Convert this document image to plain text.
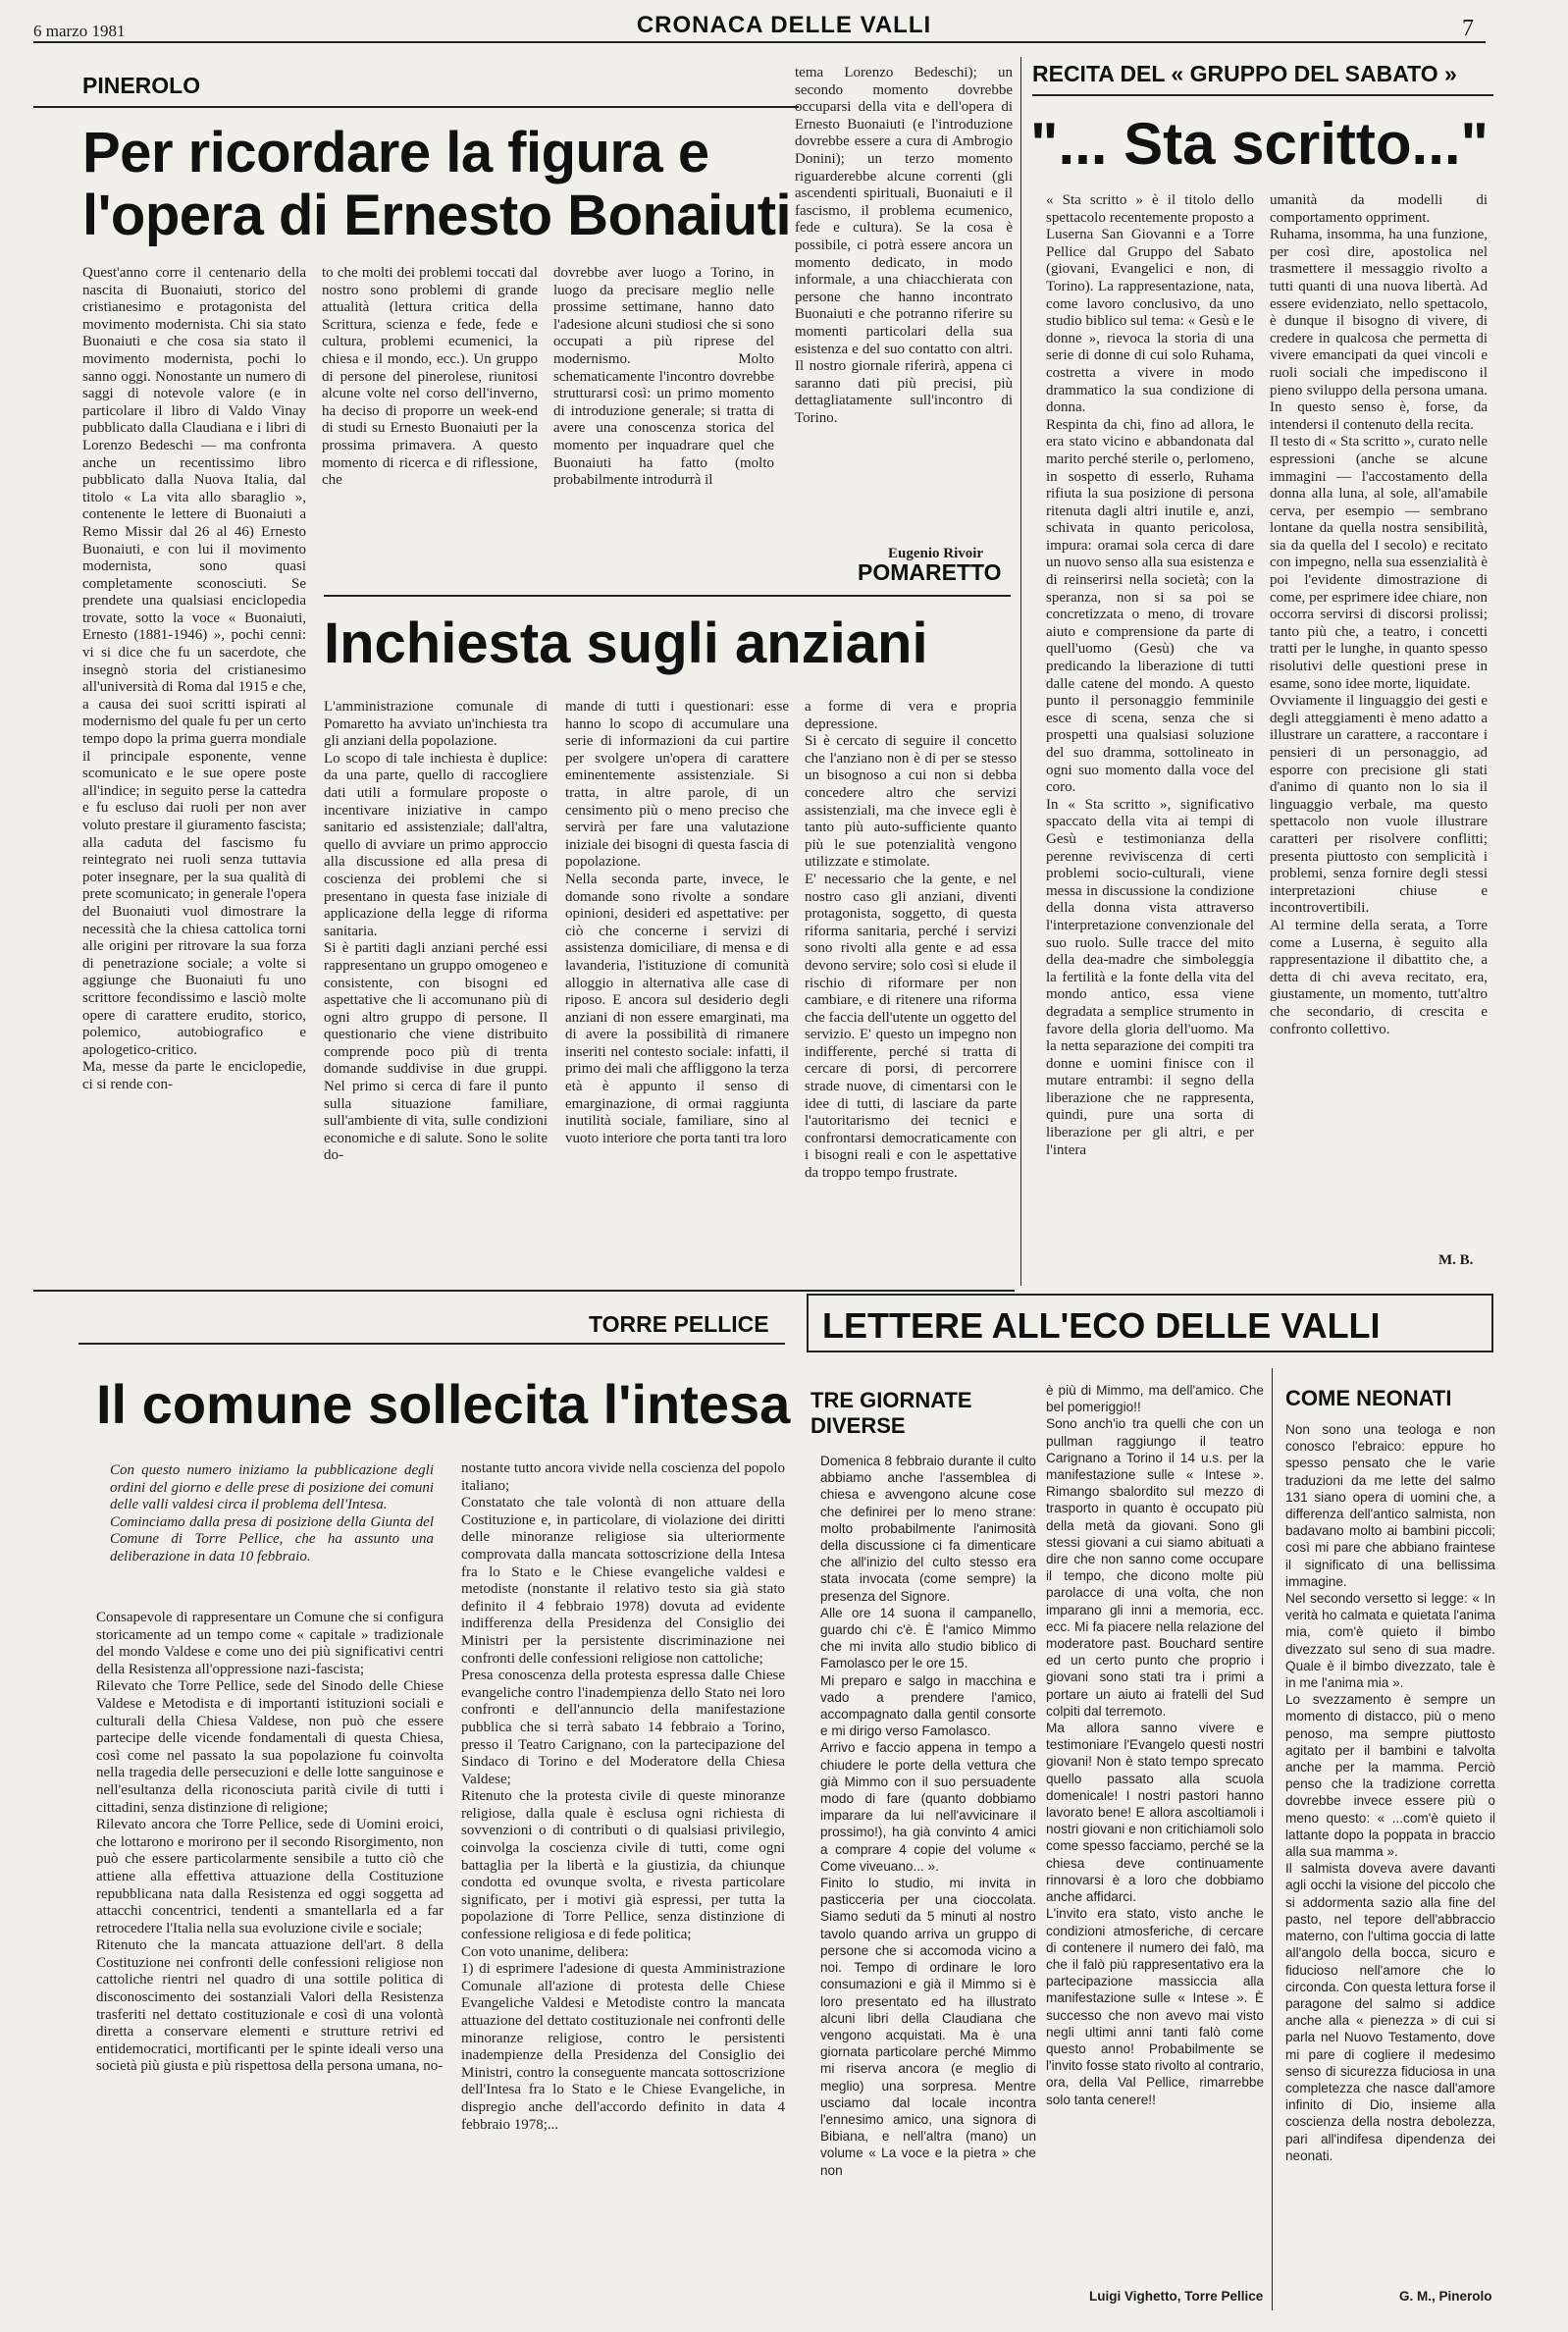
6 marzo 1981	CRONACA DELLE VALLI	7
PINEROLO
Per ricordare la figura e
l'opera di Ernesto Bonaiuti
Quest'anno corre il centenario della nascita di Buonaiuti, storico del cristianesimo e protagonista del movimento modernista. Chi sia stato Buonaiuti e che cosa sia stato il movimento modernista, pochi lo sanno oggi. Nonostante un numero di saggi di notevole valore (e in particolare il libro di Valdo Vinay pubblicato dalla Claudiana e i libri di Lorenzo Bedeschi — ma confronta anche un recentissimo libro pubblicato dalla Nuova Italia, dal titolo « La vita allo sbaraglio », contenente le lettere di Buonaiuti a Remo Missir dal 26 al 46) Ernesto Buonaiuti, e con lui il movimento modernista, sono quasi completamente sconosciuti. Se prendete una qualsiasi enciclopedia trovate, sotto la voce « Buonaiuti, Ernesto (1881-1946) », pochi cenni: vi si dice che fu un sacerdote, che insegnò storia del cristianesimo all'università di Roma dal 1915 e che, a causa dei suoi scritti ispirati al modernismo del quale fu per un certo tempo dopo la prima guerra mondiale il principale esponente, venne scomunicato e le sue opere poste all'indice; in seguito perse la cattedra e fu escluso dai ruoli per non aver voluto prestare il giuramento fascista; alla caduta del fascismo fu reintegrato nei ruoli senza tuttavia poter insegnare, per la sua qualità di prete scomunicato; in generale l'opera del Buonaiuti vuol dimostrare la necessità che la chiesa cattolica torni alle origini per ritrovare la sua forza di penetrazione sociale; a volte si aggiunge che Buonaiuti fu uno scrittore fecondissimo e lasciò molte opere di carattere erudito, storico, polemico, autobiografico e apologetico-critico.
Ma, messe da parte le enciclopedie, ci si rende con-
to che molti dei problemi toccati dal nostro sono problemi di grande attualità (lettura critica della Scrittura, scienza e fede, fede e cultura, problemi ecumenici, la chiesa e il mondo, ecc.). Un gruppo di persone del pinerolese, riunitosi alcune volte nel corso dell'inverno, ha deciso di proporre un week-end di studi su Ernesto Buonaiuti per la prossima primavera. A questo momento di ricerca e di riflessione, che
dovrebbe aver luogo a Torino, in luogo da precisare meglio nelle prossime settimane, hanno dato l'adesione alcuni studiosi che si sono occupati a più riprese del modernismo. Molto schematicamente l'incontro dovrebbe strutturarsi così: un primo momento di introduzione generale; si tratta di avere una conoscenza storica del momento per inquadrare quel che Buonaiuti ha fatto (molto probabilmente introdurrà il
tema Lorenzo Bedeschi); un secondo momento dovrebbe occuparsi della vita e dell'opera di Ernesto Buonaiuti (e l'introduzione dovrebbe essere a cura di Ambrogio Donini); un terzo momento riguarderebbe alcune correnti (gli ascendenti spirituali, Buonaiuti e il fascismo, il problema ecumenico, fede e cultura). Se la cosa è possibile, ci potrà essere ancora un momento dedicato, in modo informale, a una chiacchierata con persone che hanno incontrato Buonaiuti e che potranno riferire su momenti particolari della sua esistenza e del suo contatto con altri. Il nostro giornale riferirà, appena ci saranno dati più precisi, più dettagliatamente sull'incontro di Torino.
Eugenio Rivoir
RECITA DEL « GRUPPO DEL SABATO »
"... Sta scritto..."
« Sta scritto » è il titolo dello spettacolo recentemente proposto a Luserna San Giovanni e a Torre Pellice dal Gruppo del Sabato (giovani, Evangelici e non, di Torino). La rappresentazione, nata, come lavoro conclusivo, da uno studio biblico sul tema: « Gesù e le donne », rievoca la storia di una serie di donne di cui solo Ruhama, costretta a vivere in modo drammatico la sua condizione di donna.
Respinta da chi, fino ad allora, le era stato vicino e abbandonata dal marito perché sterile o, perlomeno, in sospetto di esserlo, Ruhama rifiuta la sua posizione di persona ritenuta dagli altri inutile e, anzi, schivata in quanto pericolosa, impura: oramai sola cerca di dare un nuovo senso alla sua esistenza e di reinserirsi nella società; con la speranza, non si sa poi se concretizzata o meno, di trovare aiuto e comprensione da parte di quell'uomo (Gesù) che va predicando la liberazione di tutti dalle catene del mondo. A questo punto il personaggio femminile esce di scena, senza che si prospetti una qualsiasi soluzione del suo dramma, sottolineato in ogni suo momento dalla voce del coro.
In « Sta scritto », significativo spaccato della vita ai tempi di Gesù e testimonianza della perenne reviviscenza di certi problemi socio-culturali, viene messa in discussione la condizione della donna vista attraverso l'interpretazione convenzionale del suo ruolo. Sulle tracce del mito della dea-madre che simboleggia la fertilità e la fonte della vita del mondo antico, essa viene degradata a semplice strumento in favore della gloria dell'uomo. Ma la netta separazione dei compiti tra donne e uomini finisce con il mutare entrambi: il segno della liberazione che ne rappresenta, quindi, pure una sorta di liberazione per gli altri, e per l'intera
umanità da modelli di comportamento oppriment.
Ruhama, insomma, ha una funzione, per così dire, apostolica nel trasmettere il messaggio rivolto a tutti quanti di una nuova libertà. Ad essere evidenziato, nello spettacolo, è dunque il bisogno di vivere, di credere in qualcosa che permetta di vivere emancipati da quei vincoli e ruoli sociali che impediscono il pieno sviluppo della persona umana. In questo senso è, forse, da intendersi il contenuto della recita.
Il testo di « Sta scritto », curato nelle espressioni (anche se alcune immagini — l'accostamento della donna alla luna, al sole, all'amabile cerva, per esempio — sembrano lontane da quella nostra sensibilità, sia da quella del I secolo) e recitato con impegno, nella sua essenzialità è poi l'evidente dimostrazione di come, per esprimere idee chiare, non occorra servirsi di discorsi prolissi; tanto più che, a teatro, i concetti tratti per le lunghe, in quanto spesso risolutivi delle questioni prese in esame, sono idee morte, liquidate.
Ovviamente il linguaggio dei gesti e degli atteggiamenti è meno adatto a illustrare un carattere, a raccontare i pensieri di un personaggio, ad esporre con precisione gli stati d'animo di quanto non lo sia il linguaggio verbale, ma questo spettacolo non vuole illustrare caratteri per risolvere conflitti; presenta piuttosto con semplicità i problemi, senza fornire degli stessi interpretazioni chiuse e incontrovertibili.
Al termine della serata, a Torre come a Luserna, è seguito alla rappresentazione il dibattito che, a detta di chi aveva recitato, era, giustamente, un momento, tutt'altro che secondario, di crescita e confronto collettivo.
M. B.
POMARETTO
Inchiesta sugli anziani
L'amministrazione comunale di Pomaretto ha avviato un'inchiesta tra gli anziani della popolazione.
Lo scopo di tale inchiesta è duplice: da una parte, quello di raccogliere dati utili a formulare proposte o incentivare iniziative in campo sanitario ed assistenziale; dall'altra, quello di avviare un primo approccio alla discussione ed alla presa di coscienza dei problemi che si presentano in questa fase iniziale di applicazione della legge di riforma sanitaria.
Si è partiti dagli anziani perché essi rappresentano un gruppo omogeneo e consistente, con bisogni ed aspettative che li accomunano più di ogni altro gruppo di persone. Il questionario che viene distribuito comprende poco più di trenta domande suddivise in due gruppi. Nel primo si cerca di fare il punto sulla situazione familiare, sull'ambiente di vita, sulle condizioni economiche e di salute. Sono le solite do-
mande di tutti i questionari: esse hanno lo scopo di accumulare una serie di informazioni da cui partire per svolgere un'opera di carattere eminentemente assistenziale. Si tratta, in altre parole, di un censimento più o meno preciso che servirà per fare una valutazione iniziale dei bisogni di questa fascia di popolazione.
Nella seconda parte, invece, le domande sono rivolte a sondare opinioni, desideri ed aspettative: per ciò che concerne i servizi di assistenza domiciliare, di mensa e di lavanderia, l'istituzione di comunità alloggio in alternativa alle case di riposo. E ancora sul desiderio degli anziani di non essere emarginati, ma di avere la possibilità di rimanere inseriti nel contesto sociale: infatti, il primo dei mali che affliggono la terza età è appunto il senso di emarginazione, di ormai raggiunta inutilità sociale, familiare, sino al vuoto interiore che porta tanti tra loro
a forme di vera e propria depressione.
Si è cercato di seguire il concetto che l'anziano non è di per se stesso un bisognoso a cui non si debba concedere altro che servizi assistenziali, ma che invece egli è tanto più auto-sufficiente quanto più le sue potenzialità vengono utilizzate e stimolate.
E' necessario che la gente, e nel nostro caso gli anziani, diventi protagonista, soggetto, di questa riforma sanitaria, perché i servizi sono rivolti alla gente e ad essa devono servire; solo così si elude il rischio di riformare per non cambiare, e di ritenere una riforma che faccia dell'utente un oggetto del servizio. E' questo un impegno non indifferente, perché si tratta di cercare di porsi, di percorrere strade nuove, di cimentarsi con le idee di tutti, di lasciare da parte l'autoritarismo dei tecnici e confrontarsi democraticamente con i bisogni reali e con le aspettative da troppo tempo frustrate.
TORRE PELLICE
Il comune sollecita l'intesa
Con questo numero iniziamo la pubblicazione degli ordini del giorno e delle prese di posizione dei comuni delle valli valdesi circa il problema dell'Intesa.
Cominciamo dalla presa di posizione della Giunta del Comune di Torre Pellice, che ha assunto una deliberazione in data 10 febbraio.
Consapevole di rappresentare un Comune che si configura storicamente ad un tempo come « capitale » tradizionale del mondo Valdese e come uno dei più significativi centri della Resistenza all'oppressione nazi-fascista;
Rilevato che Torre Pellice, sede del Sinodo delle Chiese Valdese e Metodista e di importanti istituzioni sociali e culturali della Chiesa Valdese, non può che essere partecipe delle vicende fondamentali di questa Chiesa, così come nel passato la sua popolazione fu coinvolta nella tragedia delle persecuzioni e delle lotte sanguinose e nell'esultanza della riconosciuta parità civile di tutti i cittadini, senza distinzione di religione;
Rilevato ancora che Torre Pellice, sede di Uomini eroici, che lottarono e morirono per il secondo Risorgimento, non può che essere particolarmente sensibile a tutto ciò che attiene alla effettiva attuazione della Costituzione repubblicana nata dalla Resistenza ed oggi soggetta ad attacchi concentrici, tendenti a smantellarla ed a far retrocedere l'Italia nella sua evoluzione civile e sociale;
Ritenuto che la mancata attuazione dell'art. 8 della Costituzione nei confronti delle confessioni religiose non cattoliche rientri nel quadro di una sottile politica di disconoscimento dei sostanziali Valori della Resistenza trasferiti nel dettato costituzionale e così di una volontà diretta a conservare elementi e strutture retrivi ed entidemocratici, mortificanti per le spinte ideali verso una società più giusta e più rispettosa della persona umana, no-
nostante tutto ancora vivide nella coscienza del popolo italiano;
Constatato che tale volontà di non attuare della Costituzione e, in particolare, di violazione dei diritti delle minoranze religiose sia ulteriormente comprovata dalla mancata sottoscrizione della Intesa fra lo Stato e le Chiese evangeliche valdesi e metodiste (nonstante il relativo testo sia già stato definito il 4 febbraio 1978) dovuta ad evidente indifferenza della Presidenza del Consiglio dei Ministri per la persistente discriminazione nei confronti delle confessioni religiose non cattoliche;
Presa conoscenza della protesta espressa dalle Chiese evangeliche contro l'inadempienza dello Stato nei loro confronti e dell'annuncio della manifestazione pubblica che si terrà sabato 14 febbraio a Torino, presso il Teatro Carignano, con la partecipazione del Sindaco di Torino e del Moderatore della Chiesa Valdese;
Ritenuto che la protesta civile di queste minoranze religiose, dalla quale è esclusa ogni richiesta di sovvenzioni o di contributi o di qualsiasi privilegio, coinvolga la coscienza civile di tutti, come ogni battaglia per la libertà e la giustizia, da chiunque condotta ed ovunque svolta, e rivesta particolare significato, per i motivi già espressi, per tutta la popolazione di Torre Pellice, senza distinzione di confessione religiosa e di fede politica;
Con voto unanime, delibera:
1) di esprimere l'adesione di questa Amministrazione Comunale all'azione di protesta delle Chiese Evangeliche Valdesi e Metodiste contro la mancata attuazione del dettato costituzionale nei confronti delle minoranze religiose, contro le persistenti inadempienze della Presidenza del Consiglio dei Ministri, contro la conseguente mancata sottoscrizione dell'Intesa fra lo Stato e le Chiese Evangeliche, in dispregio anche dell'accordo definito in data 4 febbraio 1978;...
LETTERE ALL'ECO DELLE VALLI
TRE GIORNATE
DIVERSE
Domenica 8 febbraio durante il culto abbiamo anche l'assemblea di chiesa e avvengono alcune cose che definirei per lo meno strane: molto probabilmente l'animosità della discussione ci fa dimenticare che all'inizio del culto stesso era stata invocata (come sempre) la presenza del Signore.
Alle ore 14 suona il campanello, guardo chi c'è. È l'amico Mimmo che mi invita allo studio biblico di Famolasco per le ore 15.
Mi preparo e salgo in macchina e vado a prendere l'amico, accompagnato dalla gentil consorte e mi dirigo verso Famolasco.
Arrivo e faccio appena in tempo a chiudere le porte della vettura che già Mimmo con il suo persuadente modo di fare (quanto dobbiamo imparare da lui nell'avvicinare il prossimo!), ha già convinto 4 amici a comprare 4 copie del volume « Come viveuano... ».
Finito lo studio, mi invita in pasticceria per una cioccolata. Siamo seduti da 5 minuti al nostro tavolo quando arriva un gruppo di persone che si accomoda vicino a noi. Tempo di ordinare le loro consumazioni e già il Mimmo si è loro presentato ed ha illustrato alcuni libri della Claudiana che vengono acquistati. Ma è una giornata particolare perché Mimmo mi riserva ancora (e meglio di meglio) una sorpresa. Mentre usciamo dal locale incontra l'ennesimo amico, una signora di Bibiana, e nell'altra (mano) un volume « La voce e la pietra » che non
è più di Mimmo, ma dell'amico. Che bel pomeriggio!!
Sono anch'io tra quelli che con un pullman raggiungo il teatro Carignano a Torino il 14 u.s. per la manifestazione sulle « Intese ». Rimango sbalordito sul mezzo di trasporto in quanto è occupato più della metà da giovani. Sono gli stessi giovani a cui siamo abituati a dire che non sanno come occupare il tempo, che dicono molte più parolacce di una volta, che non imparano gli inni a memoria, ecc. ecc. Mi fa piacere nella relazione del moderatore past. Bouchard sentire ed un certo punto che proprio i giovani sono stati tra i primi a portare un aiuto ai fratelli del Sud colpiti dal terremoto.
Ma allora sanno vivere e testimoniare l'Evangelo questi nostri giovani! Non è stato tempo sprecato quello passato alla scuola domenicale! I nostri pastori hanno lavorato bene! E allora ascoltiamoli i nostri giovani e non critichiamoli solo come spesso facciamo, perché se la chiesa deve continuamente rinnovarsi è a loro che dobbiamo anche affidarci.
L'invito era stato, visto anche le condizioni atmosferiche, di cercare di contenere il numero dei falò, ma che il falò più rappresentativo era la partecipazione massiccia alla manifestazione sulle « Intese ». È successo che non avevo mai visto negli ultimi anni tanti falò come questo anno! Probabilmente se l'invito fosse stato rivolto al contrario, ora, della Val Pellice, rimarrebbe solo tanta cenere!!
Luigi Vighetto, Torre Pellice
COME NEONATI
Non sono una teologa e non conosco l'ebraico: eppure ho spesso pensato che le varie traduzioni da me lette del salmo 131 siano opera di uomini che, a differenza dell'antico salmista, non badavano molto ai bambini piccoli; così mi pare che abbiano fraintese il significato di una bellissima immagine.
Nel secondo versetto si legge: « In verità ho calmata e quietata l'anima mia, com'è quieto il bimbo divezzato sul seno di sua madre. Quale è il bimbo divezzato, tale è in me l'anima mia ».
Lo svezzamento è sempre un momento di distacco, più o meno penoso, ma sempre piuttosto agitato per il bambini e talvolta anche per la mamma. Perciò penso che la tradizione corretta dovrebbe invece essere più o meno questo: « ...com'è quieto il lattante dopo la poppata in braccio alla sua mamma ».
Il salmista doveva avere davanti agli occhi la visione del piccolo che si addormenta sazio alla fine del pasto, nel tepore dell'abbraccio materno, con l'ultima goccia di latte all'angolo della bocca, sicuro e fiducioso nell'amore che lo circonda. Con questa lettura forse il paragone del salmo si addice anche alla « pienezza » di cui si parla nel Nuovo Testamento, dove mi pare di cogliere il medesimo senso di sicurezza fiduciosa in una completezza che nasce dall'amore infinito di Dio, insieme alla coscienza della nostra debolezza, pari all'indifesa dipendenza dei neonati.
G. M., Pinerolo
